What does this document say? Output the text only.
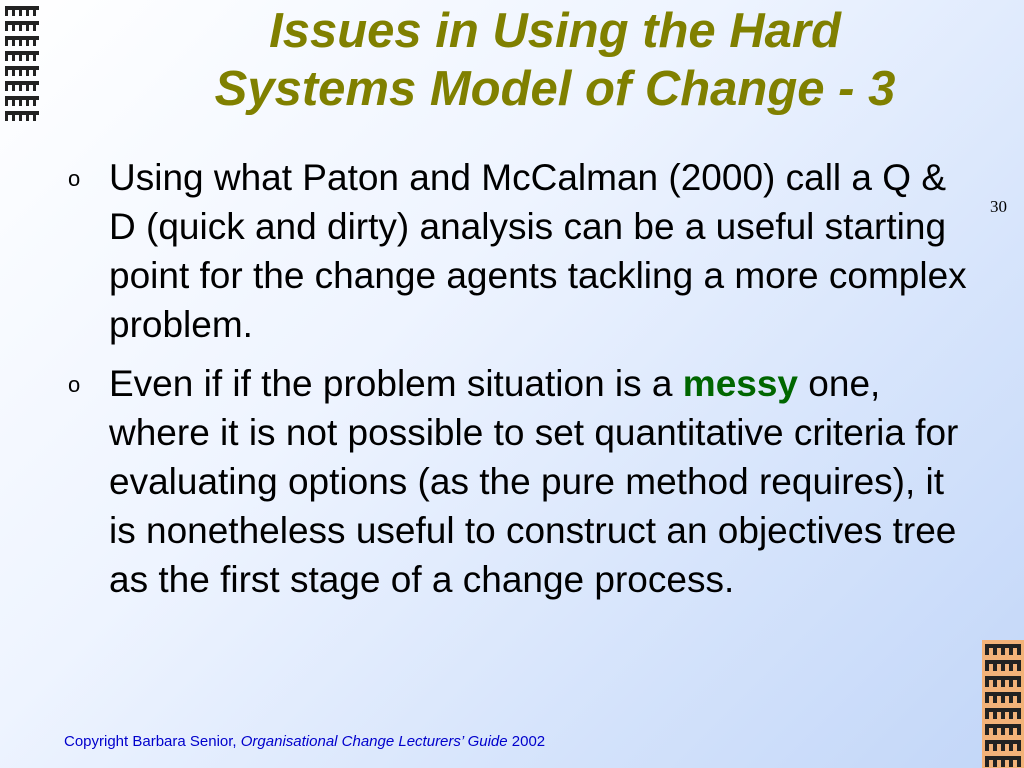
Issues in Using the Hard
Systems Model of Change - 3
30
o Using what Paton and McCalman (2000) call a Q & D (quick and dirty) analysis can be a useful starting point for the change agents tackling a more complex problem.
o Even if if the problem situation is a messy one, where it is not possible to set quantitative criteria for evaluating options (as the pure method requires), it is nonetheless useful to construct an objectives tree as the first stage of a change process.
Copyright Barbara Senior, Organisational Change Lecturers’ Guide 2002
